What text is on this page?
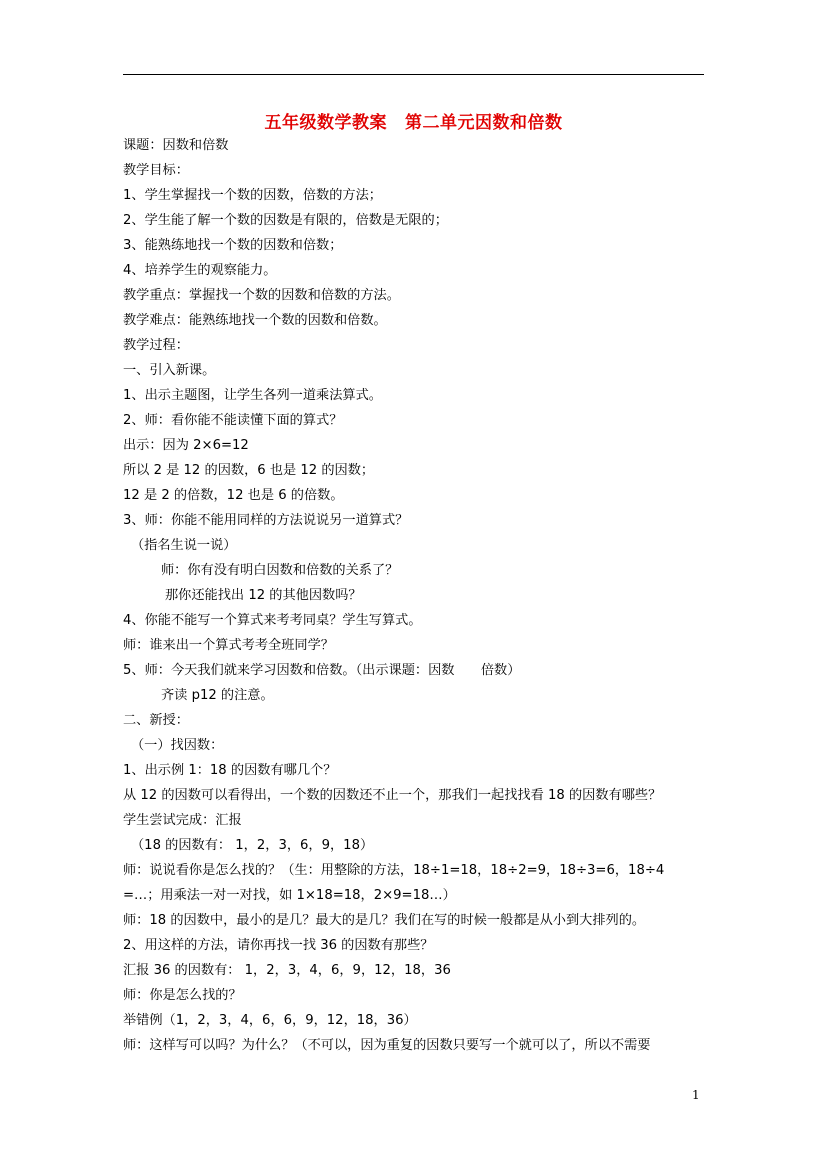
五年级数学教案 第二单元因数和倍数
课题：因数和倍数
教学目标：
1、学生掌握找一个数的因数，倍数的方法；
2、学生能了解一个数的因数是有限的，倍数是无限的；
3、能熟练地找一个数的因数和倍数；
4、培养学生的观察能力。
教学重点：掌握找一个数的因数和倍数的方法。
教学难点：能熟练地找一个数的因数和倍数。
教学过程：
一、引入新课。
1、出示主题图，让学生各列一道乘法算式。
2、师：看你能不能读懂下面的算式？
出示：因为 2×6=12
所以 2 是 12 的因数，6 也是 12 的因数；
12 是 2 的倍数，12 也是 6 的倍数。
3、师：你能不能用同样的方法说说另一道算式？
（指名生说一说）
师：你有没有明白因数和倍数的关系了？
那你还能找出 12 的其他因数吗？
4、你能不能写一个算式来考考同桌？学生写算式。
师：谁来出一个算式考考全班同学？
5、师：今天我们就来学习因数和倍数。（出示课题：因数　　倍数）
齐读 p12 的注意。
二、新授：
（一）找因数：
1、出示例 1：18 的因数有哪几个？
从 12 的因数可以看得出，一个数的因数还不止一个，那我们一起找找看 18 的因数有哪些？
学生尝试完成：汇报
（18 的因数有： 1，2，3，6，9，18）
师：说说看你是怎么找的？（生：用整除的方法，18÷1=18，18÷2=9，18÷3=6，18÷4
=…；用乘法一对一对找，如 1×18=18，2×9=18…）
师：18 的因数中，最小的是几？最大的是几？我们在写的时候一般都是从小到大排列的。
2、用这样的方法，请你再找一找 36 的因数有那些？
汇报 36 的因数有： 1，2，3，4，6，9，12，18，36
师：你是怎么找的？
举错例（1，2，3，4，6，6，9，12，18，36）
师：这样写可以吗？为什么？（不可以，因为重复的因数只要写一个就可以了，所以不需要
1
